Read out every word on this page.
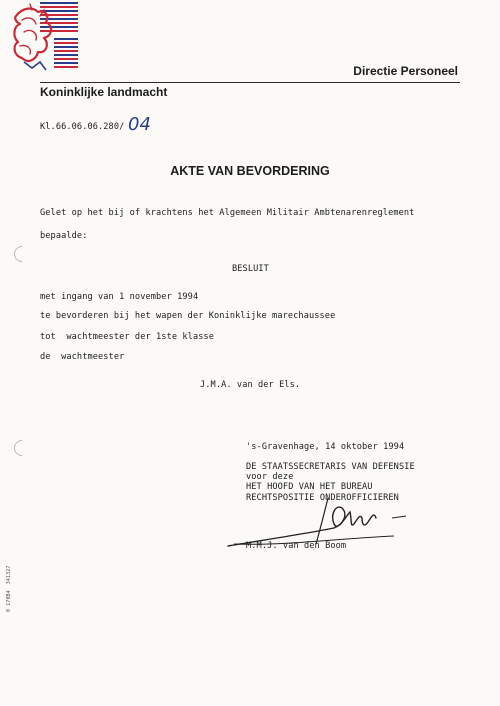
Directie Personeel
Koninklijke landmacht
Kl.66.06.06.280/ 04
AKTE VAN BEVORDERING
Gelet op het bij of krachtens het Algemeen Militair Ambtenarenreglement
bepaalde:
BESLUIT
met ingang van 1 november 1994
te bevorderen bij het wapen der Koninklijke marechaussee
tot  wachtmeester der 1ste klasse
de  wachtmeester
J.M.A. van der Els.
's-Gravenhage, 14 oktober 1994
DE STAATSSECRETARIS VAN DEFENSIE
voor deze
HET HOOFD VAN HET BUREAU
RECHTSPOSITIE ONDEROFFICIEREN
M.M.J. van den Boom
0 170B4341327
